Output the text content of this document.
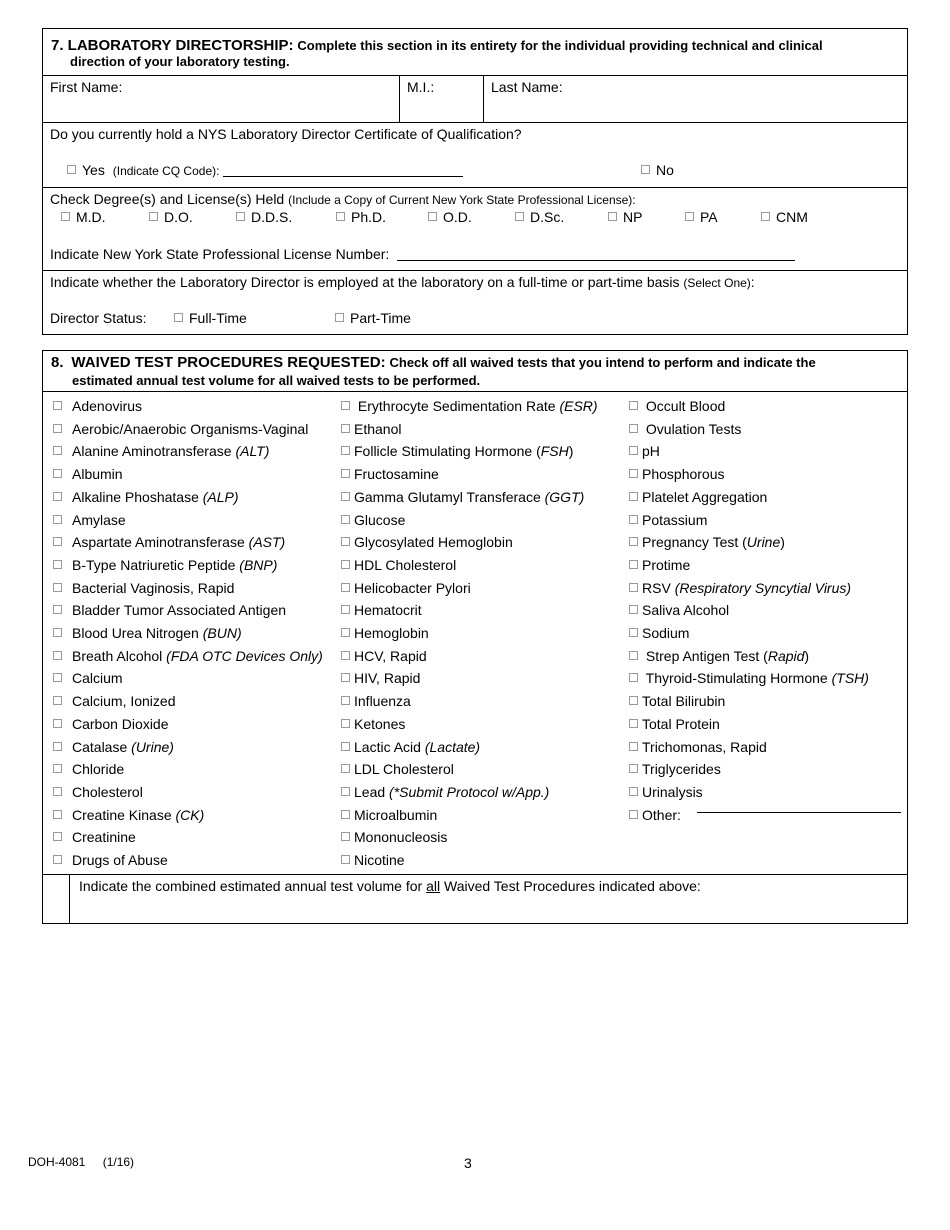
7. LABORATORY DIRECTORSHIP: Complete this section in its entirety for the individual providing technical and clinical
direction of your laboratory testing.
First Name:	M.I.:	Last Name:
Do you currently hold a NYS Laboratory Director Certificate of Qualification?
Yes (Indicate CQ Code):	No
Check Degree(s) and License(s) Held (Include a Copy of Current New York State Professional License):
M.D.	D.O.	D.D.S.	Ph.D.	O.D.	D.Sc.	NP	PA	CNM
Indicate New York State Professional License Number:
Indicate whether the Laboratory Director is employed at the laboratory on a full-time or part-time basis (Select One):
Director Status:	Full-Time	Part-Time
8. WAIVED TEST PROCEDURES REQUESTED: Check off all waived tests that you intend to perform and indicate the
estimated annual test volume for all waived tests to be performed.
Adenovirus
Aerobic/Anaerobic Organisms-Vaginal
Alanine Aminotransferase (ALT)
Albumin
Alkaline Phoshatase (ALP)
Amylase
Aspartate Aminotransferase (AST)
B-Type Natriuretic Peptide (BNP)
Bacterial Vaginosis, Rapid
Bladder Tumor Associated Antigen
Blood Urea Nitrogen (BUN)
Breath Alcohol (FDA OTC Devices Only)
Calcium
Calcium, Ionized
Carbon Dioxide
Catalase (Urine)
Chloride
Cholesterol
Creatine Kinase (CK)
Creatinine
Drugs of Abuse
Erythrocyte Sedimentation Rate (ESR)
Ethanol
Follicle Stimulating Hormone (FSH)
Fructosamine
Gamma Glutamyl Transferace (GGT)
Glucose
Glycosylated Hemoglobin
HDL Cholesterol
Helicobacter Pylori
Hematocrit
Hemoglobin
HCV, Rapid
HIV, Rapid
Influenza
Ketones
Lactic Acid (Lactate)
LDL Cholesterol
Lead (*Submit Protocol w/App.)
Microalbumin
Mononucleosis
Nicotine
Occult Blood
Ovulation Tests
pH
Phosphorous
Platelet Aggregation
Potassium
Pregnancy Test (Urine)
Protime
RSV (Respiratory Syncytial Virus)
Saliva Alcohol
Sodium
Strep Antigen Test (Rapid)
Thyroid-Stimulating Hormone (TSH)
Total Bilirubin
Total Protein
Trichomonas, Rapid
Triglycerides
Urinalysis
Other:
Indicate the combined estimated annual test volume for all Waived Test Procedures indicated above:
DOH-4081 (1/16)	3
